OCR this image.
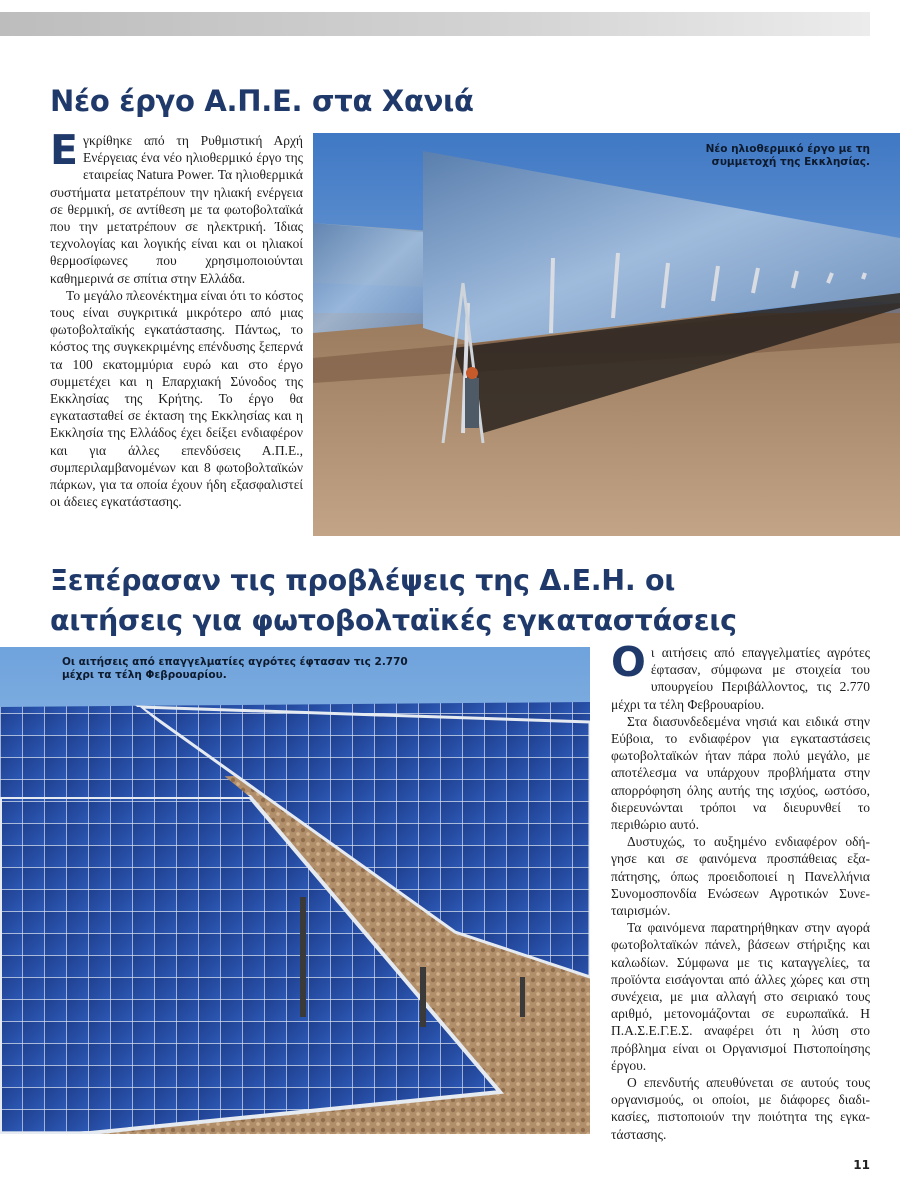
Νέο έργο Α.Π.Ε. στα Χανιά

Εγκρίθηκε από τη Ρυθμιστική Αρχή Ενέργειας ένα νέο ηλιοθερμικό έργο της εταιρείας Natura Power. Τα ηλιοθερμικά συστήματα μετατρέπουν την ηλιακή ενέργεια σε θερμική, σε αντίθεση με τα φωτοβολταϊκά που την μετατρέπουν σε ηλεκτρική. Ίδιας τεχνολογίας και λογικής είναι και οι ηλιακοί θερμοσίφωνες που χρησιμοποιούνται καθημερινά σε σπίτια στην Ελλάδα.

Το μεγάλο πλεονέκτημα είναι ότι το κόστος τους είναι συγκριτικά μικρότερο από μιας φωτοβολταϊκής εγκατάστασης. Πάντως, το κόστος της συγκεκριμένης επένδυσης ξεπερνά τα 100 εκατομμύρια ευρώ και στο έργο συμμετέχει και η Επαρχιακή Σύνοδος της Εκκλησίας της Κρήτης. Το έργο θα εγκατασταθεί σε έκταση της Εκκλησίας και η Εκκλησία της Ελλάδος έχει δείξει ενδιαφέρον και για άλλες επενδύσεις Α.Π.Ε., συμπεριλαμβανομένων και 8 φωτοβολταϊκών πάρκων, για τα οποία έχουν ήδη εξασφαλιστεί οι άδειες εγκατάστασης.

Νέο ηλιοθερμικό έργο με τη συμμετοχή της Εκκλησίας.
Ξεπέρασαν τις προβλέψεις της Δ.Ε.Η. οι αιτήσεις για φωτοβολταϊκές εγκαταστάσεις
Οι αιτήσεις από επαγγελματίες αγρότες έφτασαν τις 2.770 μέχρι τα τέλη Φεβρουαρίου.	Οι αιτήσεις από επαγγελματίες αγρότες έφτασαν, σύμφωνα με στοιχεία του υπουργείου Περιβάλλοντος, τις 2.770 μέχρι τα τέλη Φεβρουαρίου.

Στα διασυνδεδεμένα νησιά και ειδικά στην Εύβοια, το ενδιαφέρον για εγκαταστάσεις φωτοβολταϊκών ήταν πάρα πολύ μεγάλο, με αποτέλεσμα να υπάρχουν προβλήματα στην απορρόφηση όλης αυτής της ισχύος, ωστόσο, διερευνώνται τρόποι να διευρυνθεί το περιθώριο αυτό.

Δυστυχώς, το αυξημένο ενδιαφέρον οδήγησε και σε φαινόμενα προσπάθειας εξαπάτησης, όπως προειδοποιεί η Πανελλήνια Συνομοσπονδία Ενώσεων Αγροτικών Συνεταιρισμών.

Τα φαινόμενα παρατηρήθηκαν στην αγορά φωτοβολταϊκών πάνελ, βάσεων στήριξης και καλωδίων. Σύμφωνα με τις καταγγελίες, τα προϊόντα εισάγονται από άλλες χώρες και στη συνέχεια, με μια αλλαγή στο σειριακό τους αριθμό, μετονομάζονται σε ευρωπαϊκά. Η Π.Α.Σ.Ε.Γ.Ε.Σ. αναφέρει ότι η λύση στο πρόβλημα είναι οι Οργανισμοί Πιστοποίησης έργου.

Ο επενδυτής απευθύνεται σε αυτούς τους οργανισμούς, οι οποίοι, με διάφορες διαδικασίες, πιστοποιούν την ποιότητα της εγκατάστασης.

11
